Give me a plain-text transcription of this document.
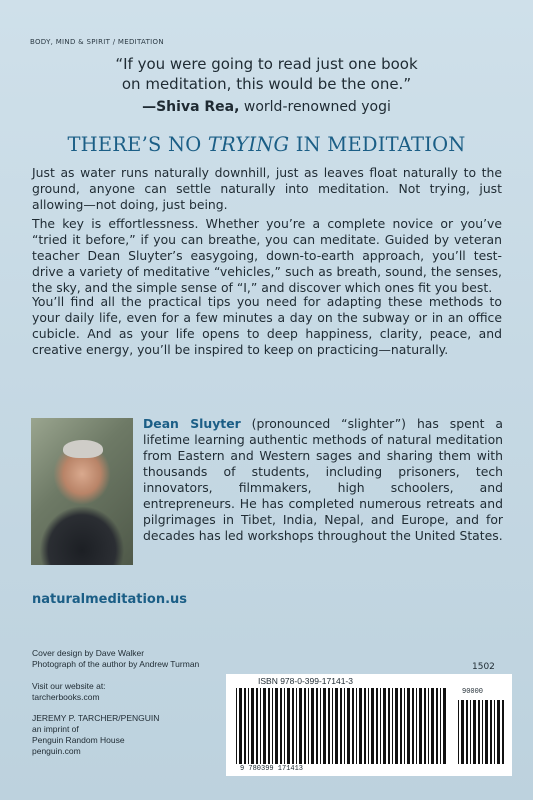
BODY, MIND & SPIRIT / MEDITATION
“If you were going to read just one book
on meditation, this would be the one.”
—Shiva Rea, world-renowned yogi
THERE’S NO TRYING IN MEDITATION
Just as water runs naturally downhill, just as leaves float naturally to the ground, anyone can settle naturally into meditation. Not trying, just allowing—not doing, just being.
The key is effortlessness. Whether you’re a complete novice or you’ve “tried it before,” if you can breathe, you can meditate. Guided by veteran teacher Dean Sluyter’s easygoing, down-to-earth approach, you’ll test-drive a variety of meditative “vehicles,” such as breath, sound, the senses, the sky, and the simple sense of “I,” and discover which ones fit you best.
You’ll find all the practical tips you need for adapting these methods to your daily life, even for a few minutes a day on the subway or in an office cubicle. And as your life opens to deep happiness, clarity, peace, and creative energy, you’ll be inspired to keep on practicing—naturally.
Dean Sluyter (pronounced “slighter”) has spent a lifetime learning authentic methods of natural meditation from Eastern and Western sages and sharing them with thousands of students, including prisoners, tech innovators, filmmakers, high schoolers, and entrepreneurs. He has completed numerous retreats and pilgrimages in Tibet, India, Nepal, and Europe, and for decades has led workshops throughout the United States.
naturalmeditation.us
Cover design by Dave Walker
Photograph of the author by Andrew Turman
Visit our website at:
tarcherbooks.com
JEREMY P. TARCHER/PENGUIN
an imprint of
Penguin Random House
penguin.com
1502
ISBN 978-0-399-17141-3
9 780399 171413
90000
